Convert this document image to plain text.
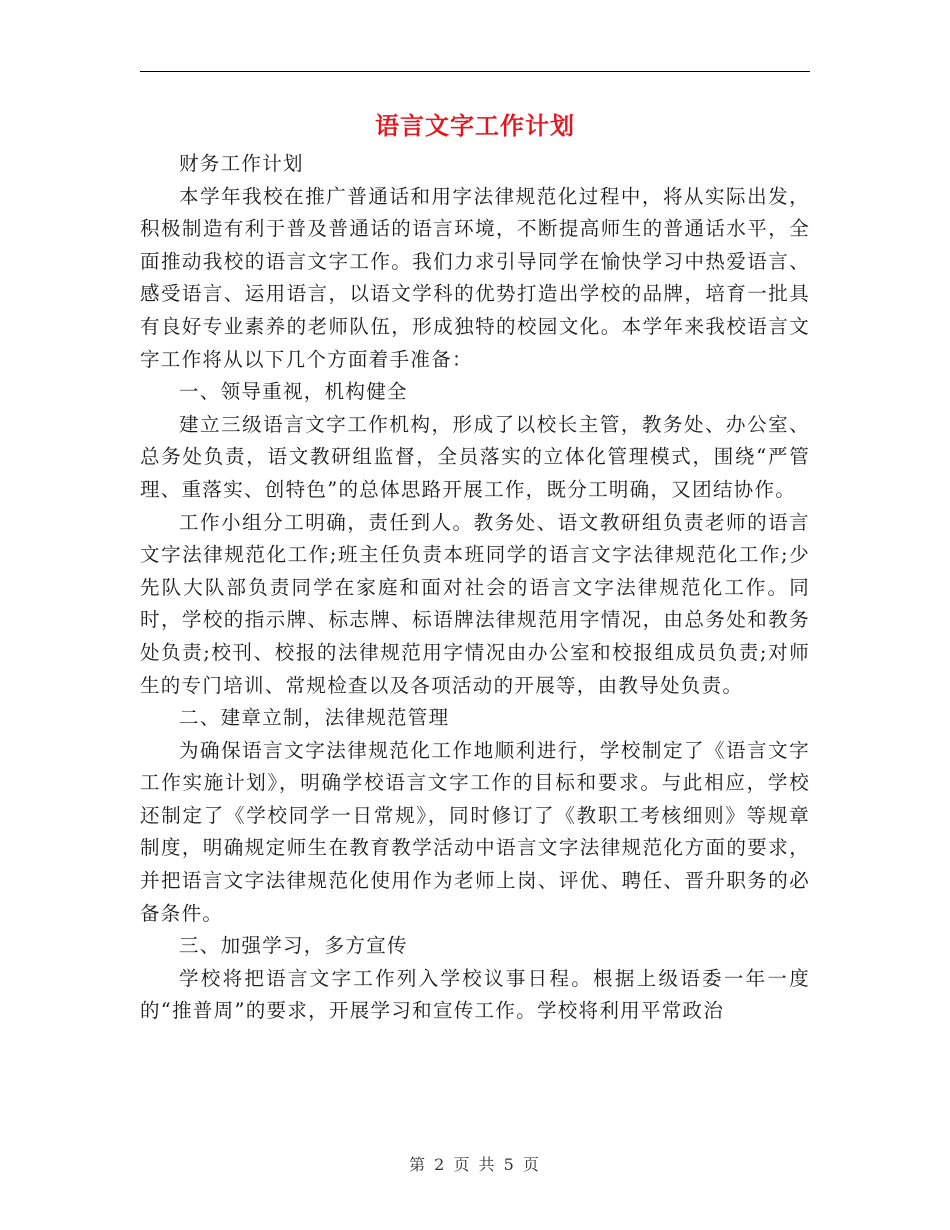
语言文字工作计划

财务工作计划

本学年我校在推广普通话和用字法律规范化过程中，将从实际出发，积极制造有利于普及普通话的语言环境，不断提高师生的普通话水平，全面推动我校的语言文字工作。我们力求引导同学在愉快学习中热爱语言、感受语言、运用语言，以语文学科的优势打造出学校的品牌，培育一批具有良好专业素养的老师队伍，形成独特的校园文化。本学年来我校语言文字工作将从以下几个方面着手准备：

一、领导重视，机构健全

建立三级语言文字工作机构，形成了以校长主管，教务处、办公室、总务处负责，语文教研组监督，全员落实的立体化管理模式，围绕“严管理、重落实、创特色”的总体思路开展工作，既分工明确，又团结协作。

工作小组分工明确，责任到人。教务处、语文教研组负责老师的语言文字法律规范化工作;班主任负责本班同学的语言文字法律规范化工作;少先队大队部负责同学在家庭和面对社会的语言文字法律规范化工作。同时，学校的指示牌、标志牌、标语牌法律规范用字情况，由总务处和教务处负责;校刊、校报的法律规范用字情况由办公室和校报组成员负责;对师生的专门培训、常规检查以及各项活动的开展等，由教导处负责。

二、建章立制，法律规范管理

为确保语言文字法律规范化工作地顺利进行，学校制定了《语言文字工作实施计划》，明确学校语言文字工作的目标和要求。与此相应，学校还制定了《学校同学一日常规》，同时修订了《教职工考核细则》等规章制度，明确规定师生在教育教学活动中语言文字法律规范化方面的要求，并把语言文字法律规范化使用作为老师上岗、评优、聘任、晋升职务的必备条件。

三、加强学习，多方宣传

学校将把语言文字工作列入学校议事日程。根据上级语委一年一度的“推普周”的要求，开展学习和宣传工作。学校将利用平常政治

第 2 页 共 5 页
